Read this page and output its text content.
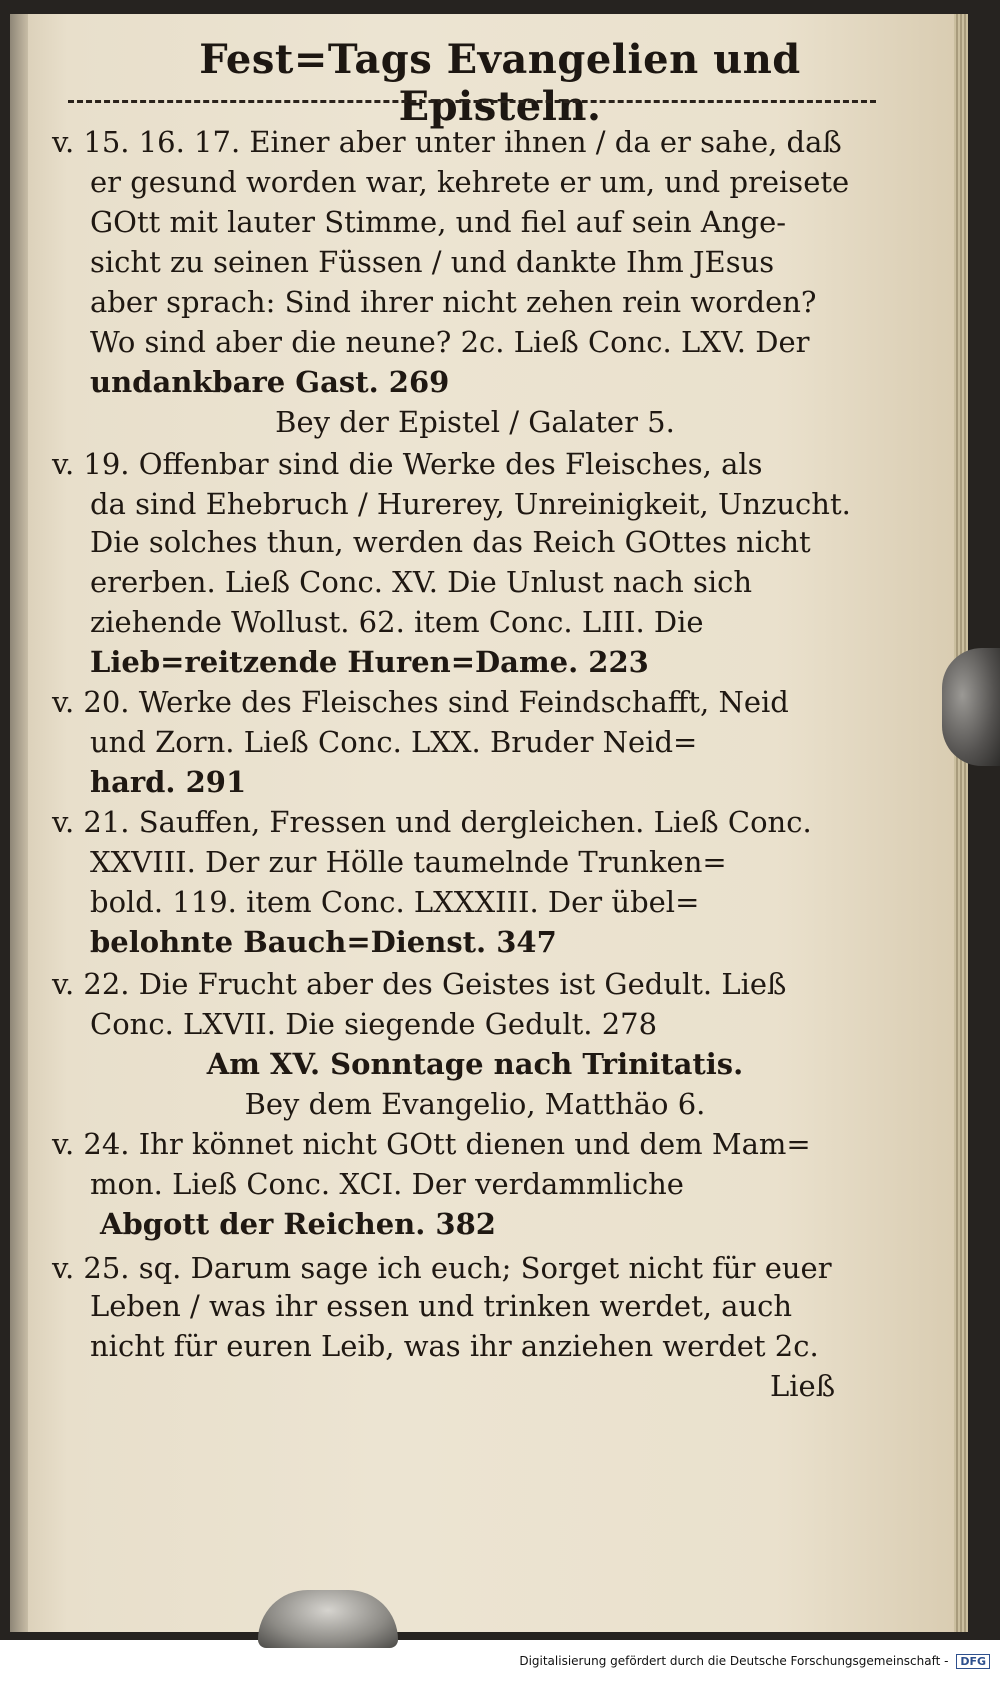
Fest=Tags Evangelien und Episteln.
v. 15. 16. 17. Einer aber unter ihnen / da er sahe, daß
er gesund worden war, kehrete er um, und preisete
GOtt mit lauter Stimme, und fiel auf sein Ange-
sicht zu seinen Füssen / und dankte Ihm JEsus
aber sprach: Sind ihrer nicht zehen rein worden?
Wo sind aber die neune? 2c. Ließ Conc. LXV. Der
undankbare Gast. 269
Bey der Epistel / Galater 5.
v. 19. Offenbar sind die Werke des Fleisches, als
da sind Ehebruch / Hurerey, Unreinigkeit, Unzucht.
Die solches thun, werden das Reich GOttes nicht
ererben. Ließ Conc. XV. Die Unlust nach sich
ziehende Wollust. 62. item Conc. LIII. Die
Lieb=reitzende Huren=Dame. 223
v. 20. Werke des Fleisches sind Feindschafft, Neid
und Zorn. Ließ Conc. LXX. Bruder Neid=
hard. 291
v. 21. Sauffen, Fressen und dergleichen. Ließ Conc.
XXVIII. Der zur Hölle taumelnde Trunken=
bold. 119. item Conc. LXXXIII. Der übel=
belohnte Bauch=Dienst. 347
v. 22. Die Frucht aber des Geistes ist Gedult. Ließ
Conc. LXVII. Die siegende Gedult. 278
Am XV. Sonntage nach Trinitatis.
Bey dem Evangelio, Matthäo 6.
v. 24. Ihr könnet nicht GOtt dienen und dem Mam=
mon. Ließ Conc. XCI. Der verdammliche
Abgott der Reichen. 382
v. 25. sq. Darum sage ich euch; Sorget nicht für euer
Leben / was ihr essen und trinken werdet, auch
nicht für euren Leib, was ihr anziehen werdet 2c.
Ließ
Digitalisierung gefördert durch die Deutsche Forschungsgemeinschaft - DFG
